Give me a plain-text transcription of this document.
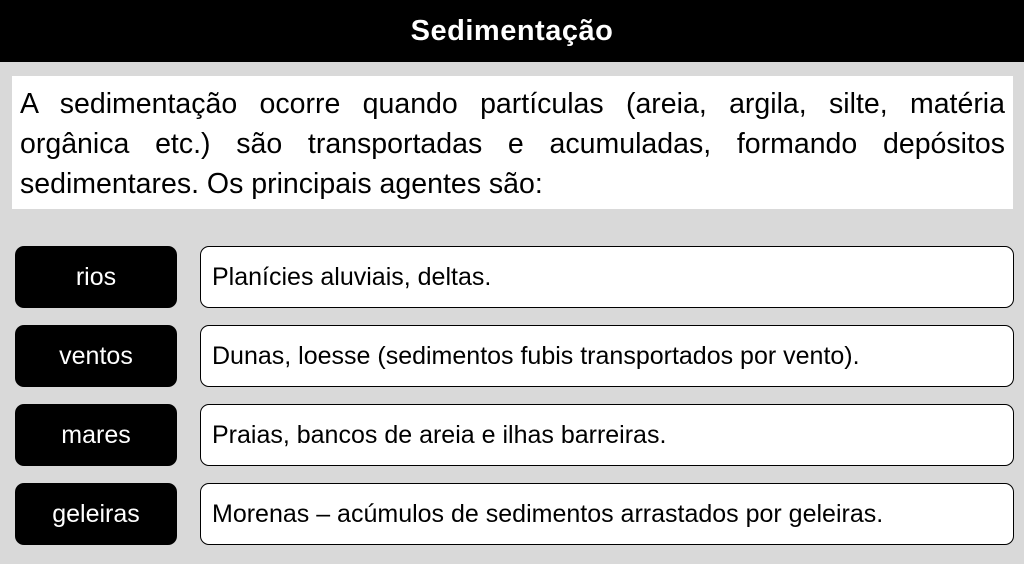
Sedimentação
A sedimentação ocorre quando partículas (areia, argila, silte, matéria orgânica etc.) são transportadas e acumuladas, formando depósitos sedimentares. Os principais agentes são:
rios	Planícies aluviais, deltas.
ventos	Dunas, loesse (sedimentos fubis transportados por vento).
mares	Praias, bancos de areia e ilhas barreiras.
geleiras	Morenas – acúmulos de sedimentos arrastados por geleiras.
